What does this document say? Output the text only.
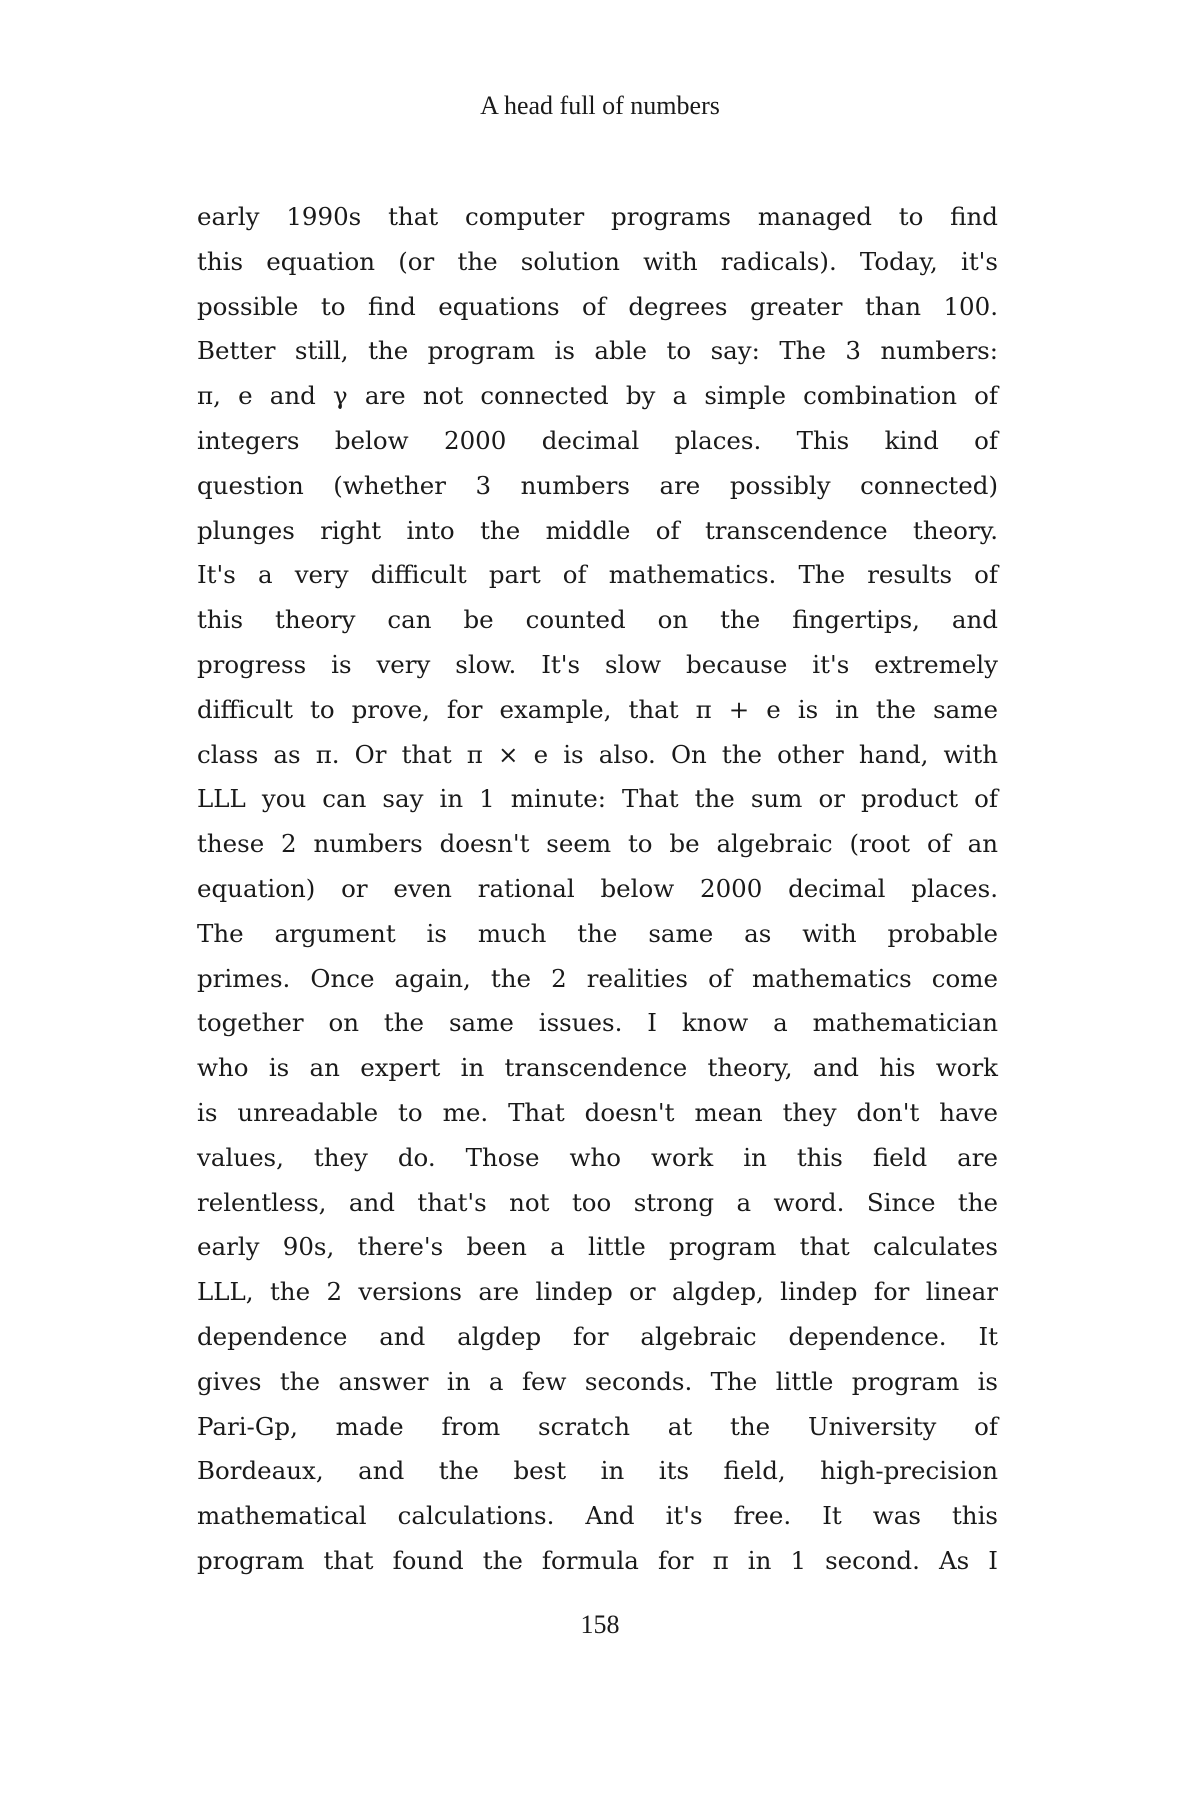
A head full of numbers
early 1990s that computer programs managed to find
this equation (or the solution with radicals). Today, it's
possible to find equations of degrees greater than 100.
Better still, the program is able to say: The 3 numbers:
π, e and γ are not connected by a simple combination of
integers below 2000 decimal places. This kind of
question (whether 3 numbers are possibly connected)
plunges right into the middle of transcendence theory.
It's a very difficult part of mathematics. The results of
this theory can be counted on the fingertips, and
progress is very slow. It's slow because it's extremely
difficult to prove, for example, that π + e is in the same
class as π. Or that π × e is also. On the other hand, with
LLL you can say in 1 minute: That the sum or product of
these 2 numbers doesn't seem to be algebraic (root of an
equation) or even rational below 2000 decimal places.
The argument is much the same as with probable
primes. Once again, the 2 realities of mathematics come
together on the same issues. I know a mathematician
who is an expert in transcendence theory, and his work
is unreadable to me. That doesn't mean they don't have
values, they do. Those who work in this field are
relentless, and that's not too strong a word. Since the
early 90s, there's been a little program that calculates
LLL, the 2 versions are lindep or algdep, lindep for linear
dependence and algdep for algebraic dependence. It
gives the answer in a few seconds. The little program is
Pari-Gp, made from scratch at the University of
Bordeaux, and the best in its field, high-precision
mathematical calculations. And it's free. It was this
program that found the formula for π in 1 second. As I
158
